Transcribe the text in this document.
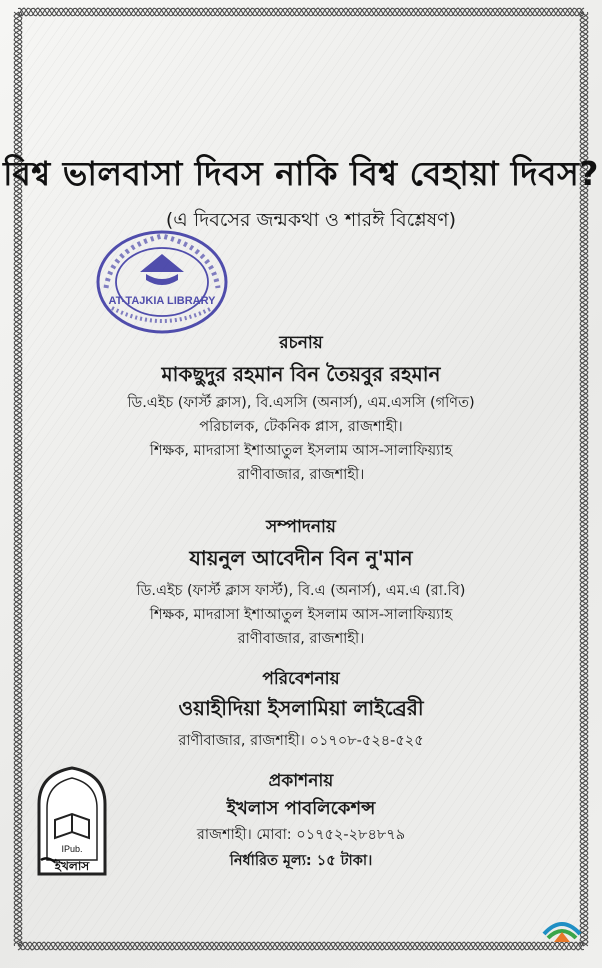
বিশ্ব ভালবাসা দিবস নাকি বিশ্ব বেহায়া দিবস?
(এ দিবসের জন্মকথা ও শারঈ বিশ্লেষণ)
AT-TAJKIA LIBRARY
রচনায়
মাকছুদুর রহমান বিন তৈয়বুর রহমান
ডি.এইচ (ফার্স্ট ক্লাস), বি.এসসি (অনার্স), এম.এসসি (গণিত)
পরিচালক, টেকনিক প্লাস, রাজশাহী।
শিক্ষক, মাদরাসা ইশাআতুল ইসলাম আস-সালাফিয়্যাহ
রাণীবাজার, রাজশাহী।
সম্পাদনায়
যায়নুল আবেদীন বিন নু'মান
ডি.এইচ (ফার্স্ট ক্লাস ফার্স্ট), বি.এ (অনার্স), এম.এ (রা.বি)
শিক্ষক, মাদরাসা ইশাআতুল ইসলাম আস-সালাফিয়্যাহ
রাণীবাজার, রাজশাহী।
পরিবেশনায়
ওয়াহীদিয়া ইসলামিয়া লাইব্রেরী
রাণীবাজার, রাজশাহী। ০১৭০৮-৫২৪-৫২৫
প্রকাশনায়
ইখলাস পাবলিকেশন্স
রাজশাহী। মোবা: ০১৭৫২-২৮৪৮৭৯
নির্ধারিত মূল্য: ১৫ টাকা।
IPub.
ইখলাস
